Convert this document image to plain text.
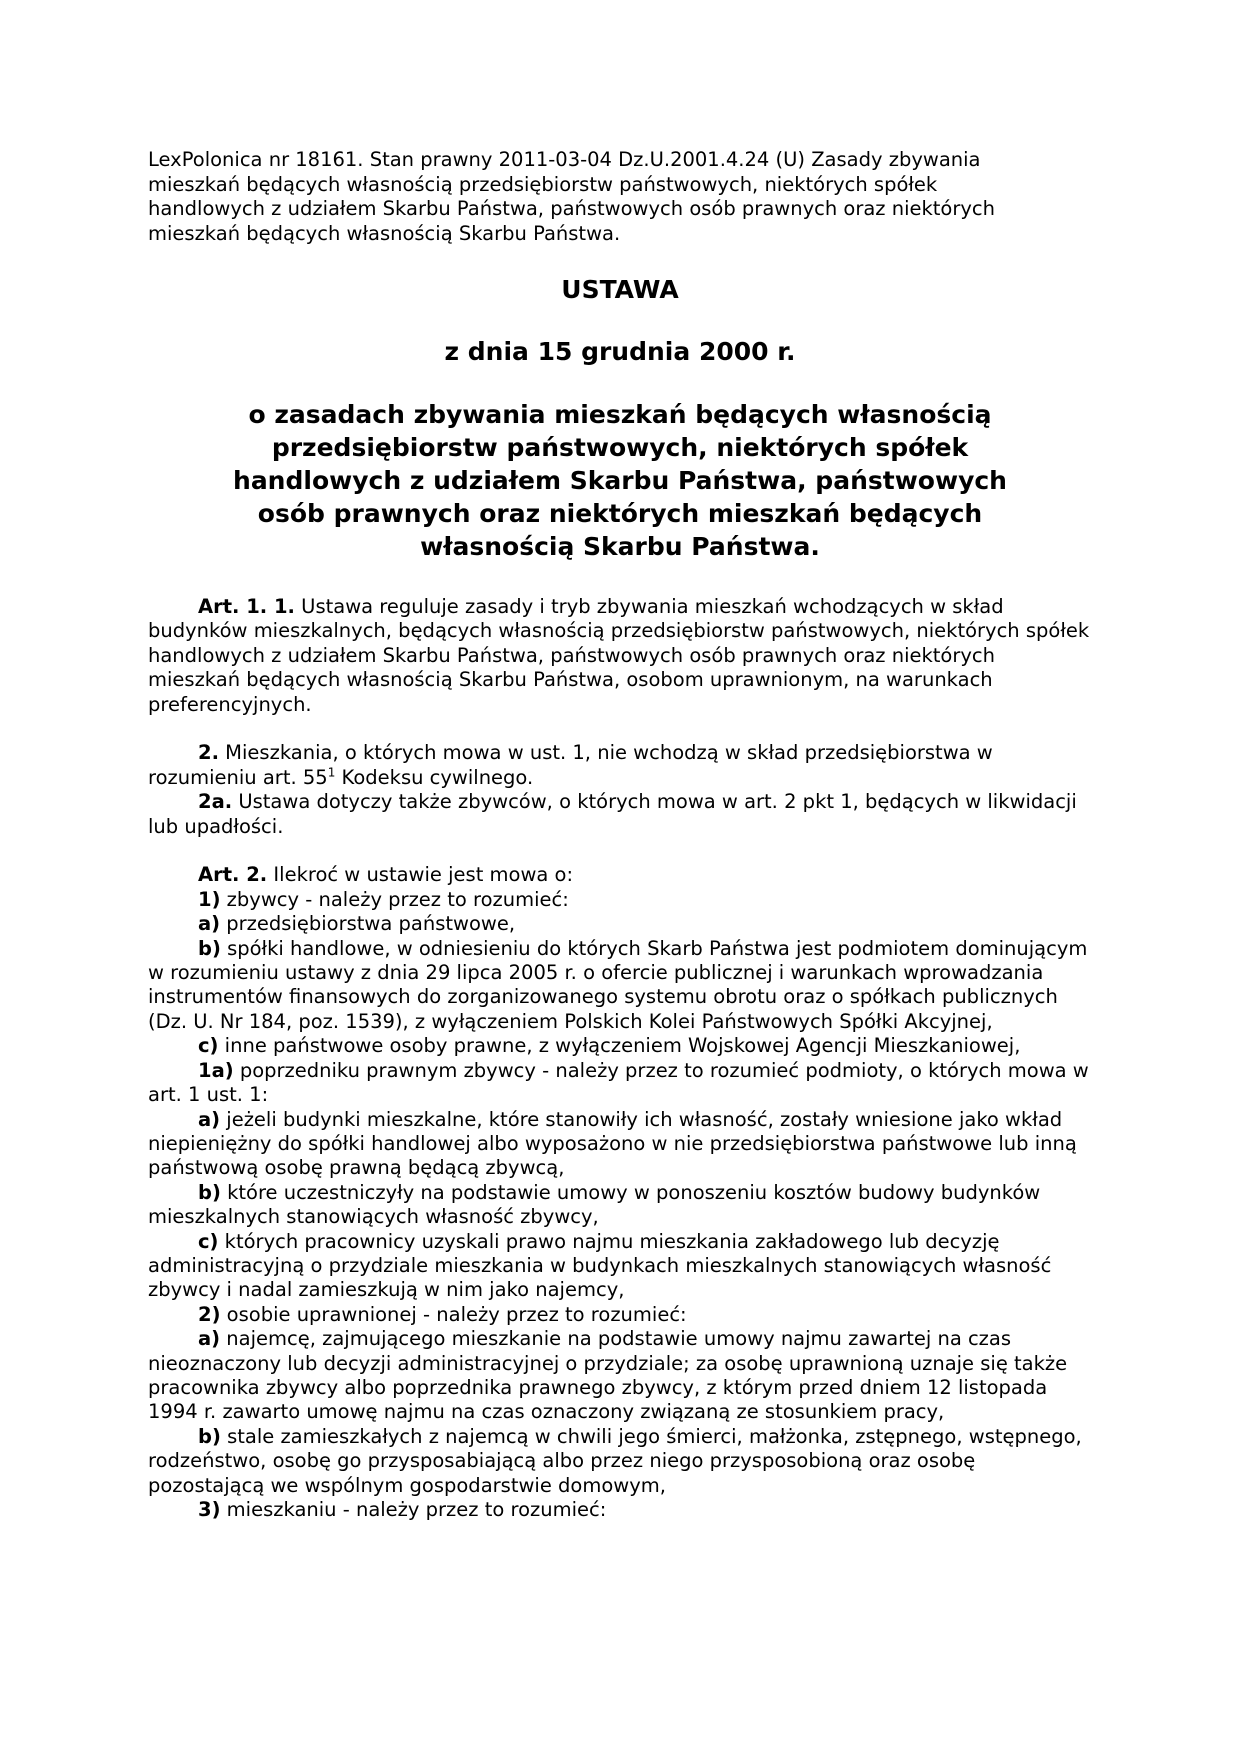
LexPolonica nr 18161. Stan prawny 2011-03-04 Dz.U.2001.4.24 (U) Zasady zbywania
mieszkań będących własnością przedsiębiorstw państwowych, niektórych spółek
handlowych z udziałem Skarbu Państwa, państwowych osób prawnych oraz niektórych
mieszkań będących własnością Skarbu Państwa.

USTAWA

z dnia 15 grudnia 2000 r.

o zasadach zbywania mieszkań będących własnością
przedsiębiorstw państwowych, niektórych spółek
handlowych z udziałem Skarbu Państwa, państwowych
osób prawnych oraz niektórych mieszkań będących
własnością Skarbu Państwa.

Art. 1. 1. Ustawa reguluje zasady i tryb zbywania mieszkań wchodzących w skład budynków mieszkalnych, będących własnością przedsiębiorstw państwowych, niektórych spółek handlowych z udziałem Skarbu Państwa, państwowych osób prawnych oraz niektórych mieszkań będących własnością Skarbu Państwa, osobom uprawnionym, na warunkach preferencyjnych.

2. Mieszkania, o których mowa w ust. 1, nie wchodzą w skład przedsiębiorstwa w rozumieniu art. $55^1$ Kodeksu cywilnego.

2a. Ustawa dotyczy także zbywców, o których mowa w art. 2 pkt 1, będących w likwidacji lub upadłości.

Art. 2. Ilekroć w ustawie jest mowa o:

1) zbywcy - należy przez to rozumieć:

a) przedsiębiorstwa państwowe,

b) spółki handlowe, w odniesieniu do których Skarb Państwa jest podmiotem dominującym w rozumieniu ustawy z dnia 29 lipca 2005 r. o ofercie publicznej i warunkach wprowadzania instrumentów finansowych do zorganizowanego systemu obrotu oraz o spółkach publicznych (Dz. U. Nr 184, poz. 1539), z wyłączeniem Polskich Kolei Państwowych Spółki Akcyjnej,

c) inne państwowe osoby prawne, z wyłączeniem Wojskowej Agencji Mieszkaniowej,

1a) poprzedniku prawnym zbywcy - należy przez to rozumieć podmioty, o których mowa w art. 1 ust. 1:

a) jeżeli budynki mieszkalne, które stanowiły ich własność, zostały wniesione jako wkład niepieniężny do spółki handlowej albo wyposażono w nie przedsiębiorstwa państwowe lub inną państwową osobę prawną będącą zbywcą,

b) które uczestniczyły na podstawie umowy w ponoszeniu kosztów budowy budynków mieszkalnych stanowiących własność zbywcy,

c) których pracownicy uzyskali prawo najmu mieszkania zakładowego lub decyzję administracyjną o przydziale mieszkania w budynkach mieszkalnych stanowiących własność zbywcy i nadal zamieszkują w nim jako najemcy,

2) osobie uprawnionej - należy przez to rozumieć:

a) najemcę, zajmującego mieszkanie na podstawie umowy najmu zawartej na czas nieoznaczony lub decyzji administracyjnej o przydziale; za osobę uprawnioną uznaje się także pracownika zbywcy albo poprzednika prawnego zbywcy, z którym przed dniem 12 listopada 1994 r. zawarto umowę najmu na czas oznaczony związaną ze stosunkiem pracy,

b) stale zamieszkałych z najemcą w chwili jego śmierci, małżonka, zstępnego, wstępnego, rodzeństwo, osobę go przysposabiającą albo przez niego przysposobioną oraz osobę pozostającą we wspólnym gospodarstwie domowym,

3) mieszkaniu - należy przez to rozumieć:
